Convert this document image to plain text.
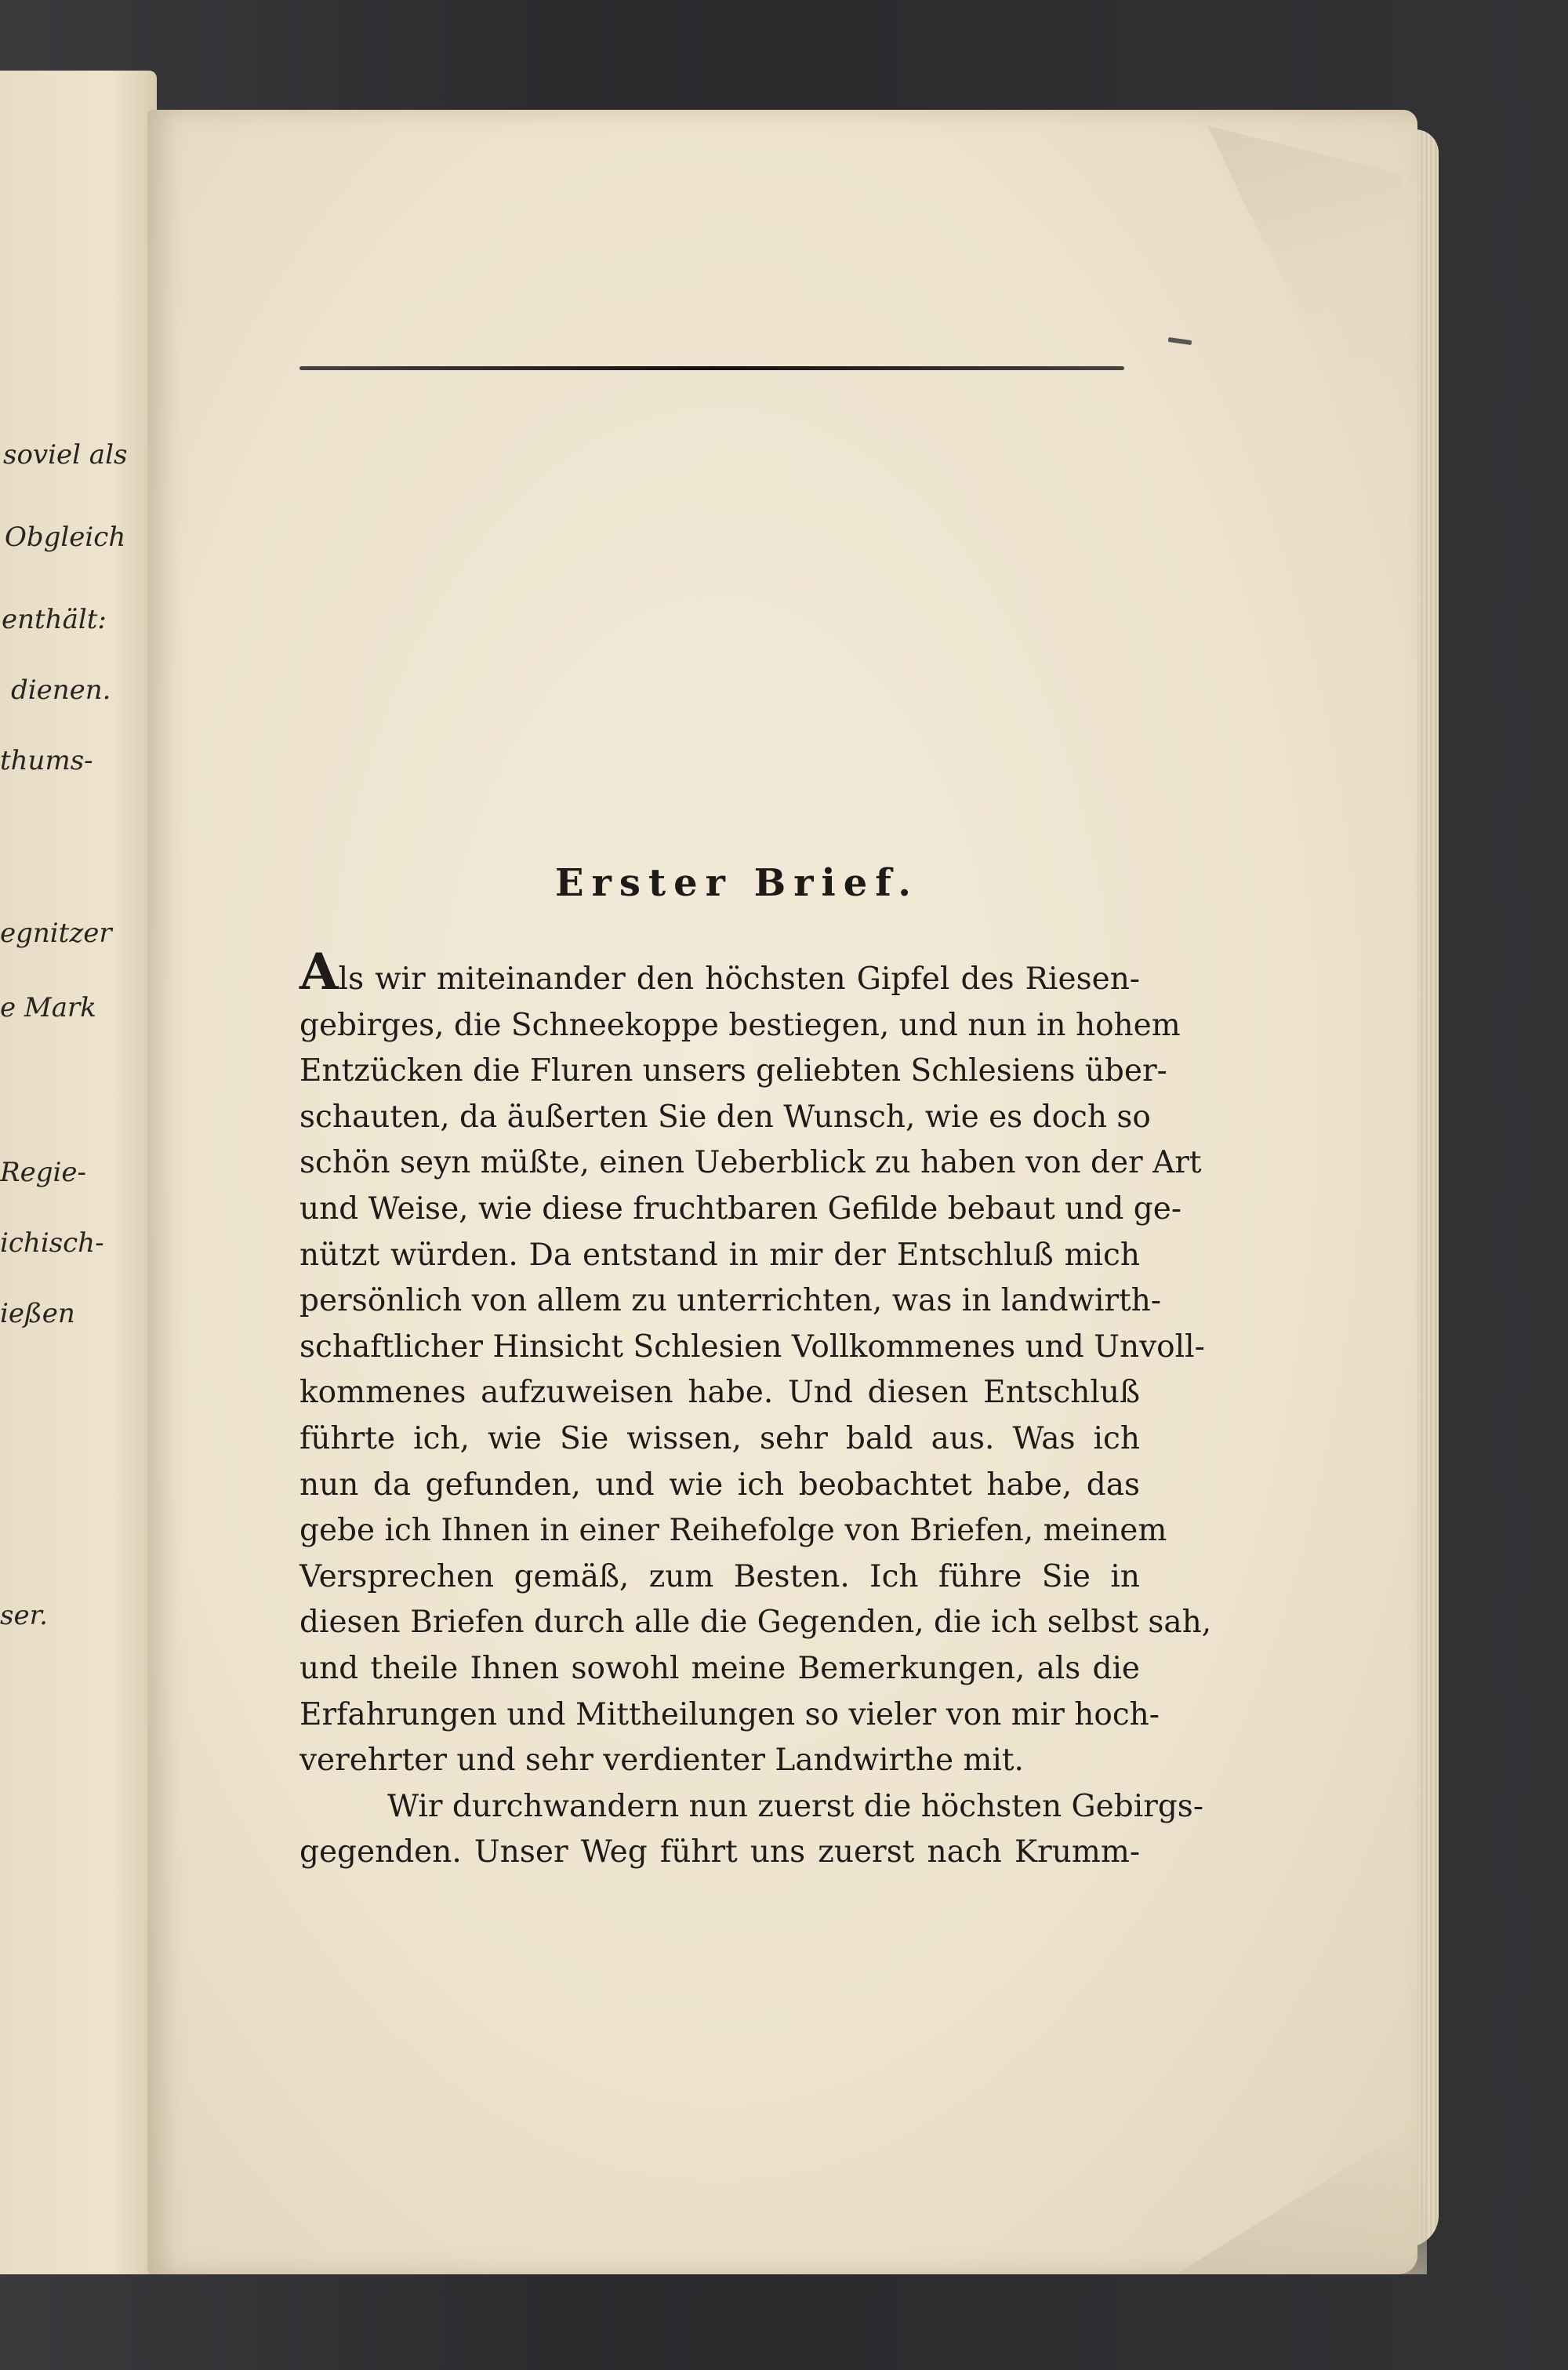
soviel als
Obgleich
enthält:
dienen.
thums-
egnitzer
e Mark
Regie-
ichisch-
ießen
ser.
Erster Brief.
Als wir miteinander den höchsten Gipfel des Riesen-
gebirges, die Schneekoppe bestiegen, und nun in hohem
Entzücken die Fluren unsers geliebten Schlesiens über-
schauten, da äußerten Sie den Wunsch, wie es doch so
schön seyn müßte, einen Ueberblick zu haben von der Art
und Weise, wie diese fruchtbaren Gefilde bebaut und ge-
nützt würden. Da entstand in mir der Entschluß mich
persönlich von allem zu unterrichten, was in landwirth-
schaftlicher Hinsicht Schlesien Vollkommenes und Unvoll-
kommenes aufzuweisen habe. Und diesen Entschluß
führte ich, wie Sie wissen, sehr bald aus. Was ich
nun da gefunden, und wie ich beobachtet habe, das
gebe ich Ihnen in einer Reihefolge von Briefen, meinem
Versprechen gemäß, zum Besten. Ich führe Sie in
diesen Briefen durch alle die Gegenden, die ich selbst sah,
und theile Ihnen sowohl meine Bemerkungen, als die
Erfahrungen und Mittheilungen so vieler von mir hoch-
verehrter und sehr verdienter Landwirthe mit.
Wir durchwandern nun zuerst die höchsten Gebirgs-
gegenden. Unser Weg führt uns zuerst nach Krumm-
